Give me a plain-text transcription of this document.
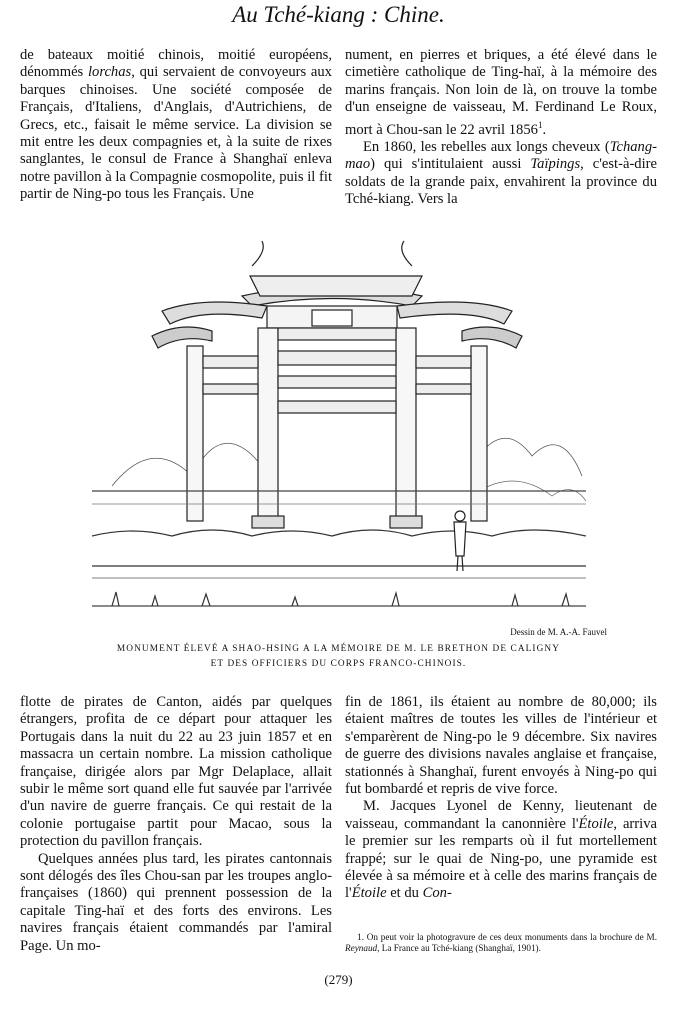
Au Tché-kiang : Chine.

de bateaux moitié chinois, moitié européens, dénommés lorchas, qui servaient de convoyeurs aux barques chinoises. Une société composée de Français, d'Italiens, d'Anglais, d'Autrichiens, de Grecs, etc., faisait le même service. La division se mit entre les deux compagnies et, à la suite de rixes sanglantes, le consul de France à Shanghaï enleva notre pavillon à la Compagnie cosmopolite, puis il fit partir de Ning-po tous les Français. Une

nument, en pierres et briques, a été élevé dans le cimetière catholique de Ting-haï, à la mémoire des marins français. Non loin de là, on trouve la tombe d'un enseigne de vaisseau, M. Ferdinand Le Roux, mort à Chou-san le 22 avril 1856$^1$.

En 1860, les rebelles aux longs cheveux (Tchang-mao) qui s'intitulaient aussi Taïpings, c'est-à-dire soldats de la grande paix, envahirent la province du Tché-kiang. Vers la

Dessin de M. A.-A. Fauvel
MONUMENT ÉLEVÉ A SHAO-HSING A LA MÉMOIRE DE M. LE BRETHON DE CALIGNY
ET DES OFFICIERS DU CORPS FRANCO-CHINOIS.

flotte de pirates de Canton, aidés par quelques étrangers, profita de ce départ pour attaquer les Portugais dans la nuit du 22 au 23 juin 1857 et en massacra un certain nombre. La mission catholique française, dirigée alors par Mgr Delaplace, allait subir le même sort quand elle fut sauvée par l'arrivée d'un navire de guerre français. Ce qui restait de la colonie portugaise partit pour Macao, sous la protection du pavillon français.

Quelques années plus tard, les pirates cantonnais sont délogés des îles Chou-san par les troupes anglo-françaises (1860) qui prennent possession de la capitale Ting-haï et des forts des environs. Les navires français étaient commandés par l'amiral Page. Un mo-

fin de 1861, ils étaient au nombre de 80,000; ils étaient maîtres de toutes les villes de l'intérieur et s'emparèrent de Ning-po le 9 décembre. Six navires de guerre des divisions navales anglaise et française, stationnés à Shanghaï, furent envoyés à Ning-po qui fut bombardé et repris de vive force.

M. Jacques Lyonel de Kenny, lieutenant de vaisseau, commandant la canonnière l'Étoile, arriva le premier sur les remparts où il fut mortellement frappé; sur le quai de Ning-po, une pyramide est élevée à sa mémoire et à celle des marins français de l'Étoile et du Con-

1. On peut voir la photogravure de ces deux monuments dans la brochure de M. Reynaud, La France au Tché-kiang (Shanghaï, 1901).
(279)
